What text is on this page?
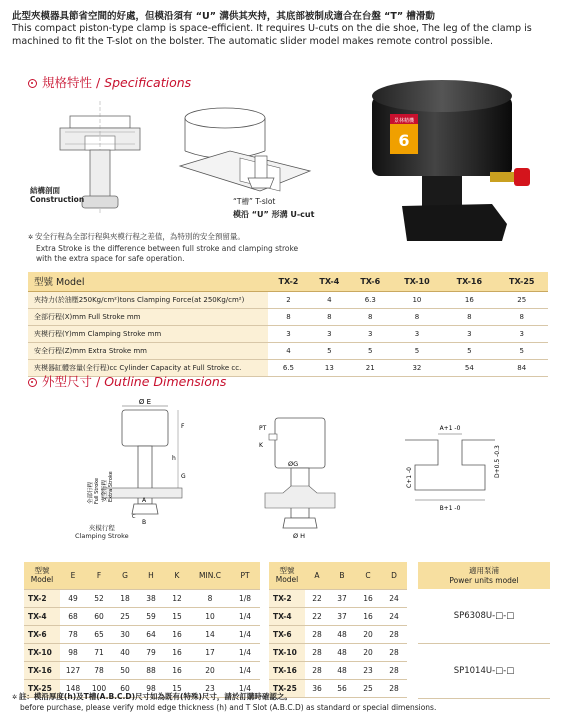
此型夾模器具節省空間的好處，但模沿須有 “U” 溝供其夾持，其底部被制成適合在台盤 “T” 槽滑動
This compact piston-type clamp is space-efficient. It requires U-cuts on the die shoe, The leg of the clamp is machined to fit the T-slot on the bolster. The automatic slider model makes remote control possible.
規格特性 / Specifications
結構剖面
Construction	“T槽” T-slot
模沿 “U” 形溝 U-cut
景林精機
6
✲ 安全行程為全部行程與夾模行程之差值，為特別的安全預留量。
Extra Stroke is the difference between full stroke and clamping stroke
with the extra space for safe operation.
型號 Model	TX-2	TX-4	TX-6	TX-10	TX-16	TX-25
夾持力(於油壓250Kg/cm²)tons Clamping Force(at 250Kg/cm²)	2	4	6.3	10	16	25
全部行程(X)mm Full Stroke mm	8	8	8	8	8	8
夾模行程(Y)mm Clamping Stroke mm	3	3	3	3	3	3
安全行程(Z)mm Extra Stroke mm	4	5	5	5	5	5
夾模器缸體容量(全行程)cc Cylinder Capacity at Full Stroke cc.	6.5	13	21	32	54	84
外型尺寸 / Outline Dimensions
Ø E
F
h
G
A
B
C
全部行程 Full Stroke 安全行程 Extra Stroke
夾模行程
Clamping Stroke
PT
K
ØG
Ø H
A+1 -0
D+0.5 -0.3
C+1 -0
B+1 -0
型號
Model	E	F	G	H	K	MIN.C	PT
TX-2	49	52	18	38	12	8	1/8
TX-4	68	60	25	59	15	10	1/4
TX-6	78	65	30	64	16	14	1/4
TX-10	98	71	40	79	16	17	1/4
TX-16	127	78	50	88	16	20	1/4
TX-25	148	100	60	98	15	23	1/4
型號
Model	A	B	C	D
TX-2	22	37	16	24
TX-4	22	37	16	24
TX-6	28	48	20	28
TX-10	28	48	20	28
TX-16	28	48	23	28
TX-25	36	56	25	28
適用泵浦
Power units model
SP6308U-□-□
SP1014U-□-□
✲ 註：模沿厚度(h)及T槽(A.B.C.D)尺寸如為既有(特殊)尺寸，請於訂購時確認之。
before purchase, please verify mold edge thickness (h) and T Slot (A.B.C.D) as standard or special dimensions.
